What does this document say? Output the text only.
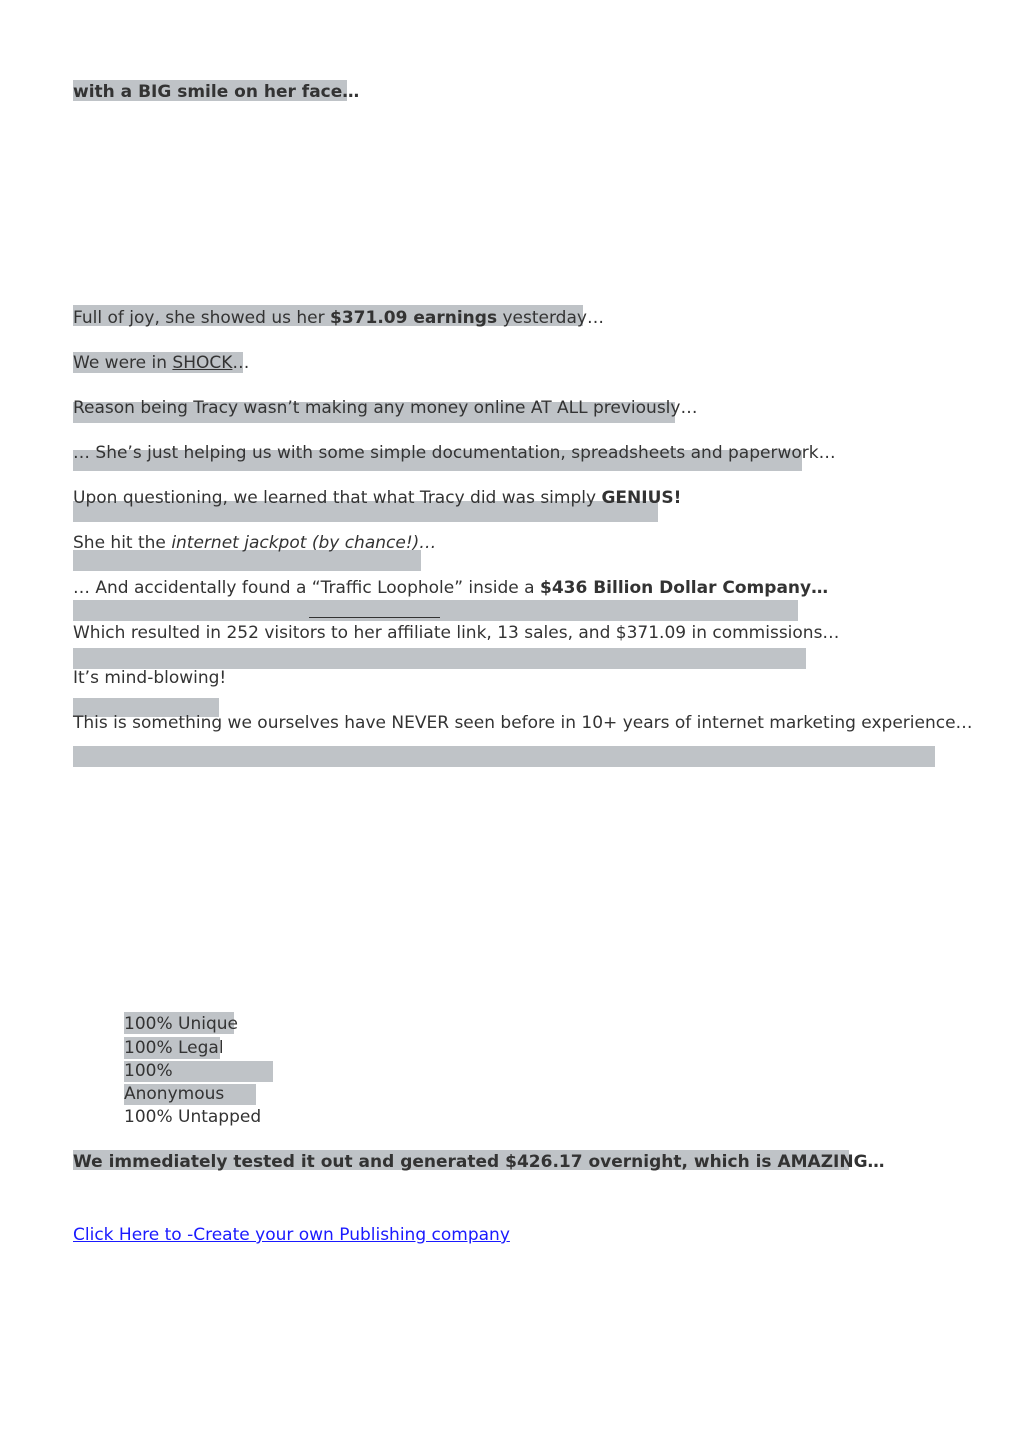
with a BIG smile on her face…
Full of joy, she showed us her $371.09 earnings yesterday…
We were in SHOCK…
Reason being Tracy wasn’t making any money online AT ALL previously…
… She’s just helping us with some simple documentation, spreadsheets and paperwork…
Upon questioning, we learned that what Tracy did was simply GENIUS!
She hit the internet jackpot (by chance!)…
… And accidentally found a “Traffic Loophole” inside a $436 Billion Dollar Company…
Which resulted in 252 visitors to her affiliate link, 13 sales, and $371.09 in commissions…
It’s mind-blowing!
This is something we ourselves have NEVER seen before in 10+ years of internet marketing experience…
100% Unique
100% Legal
100%
Anonymous
100% Untapped
We immediately tested it out and generated $426.17 overnight, which is AMAZING…
Click Here to -Create your own Publishing company
